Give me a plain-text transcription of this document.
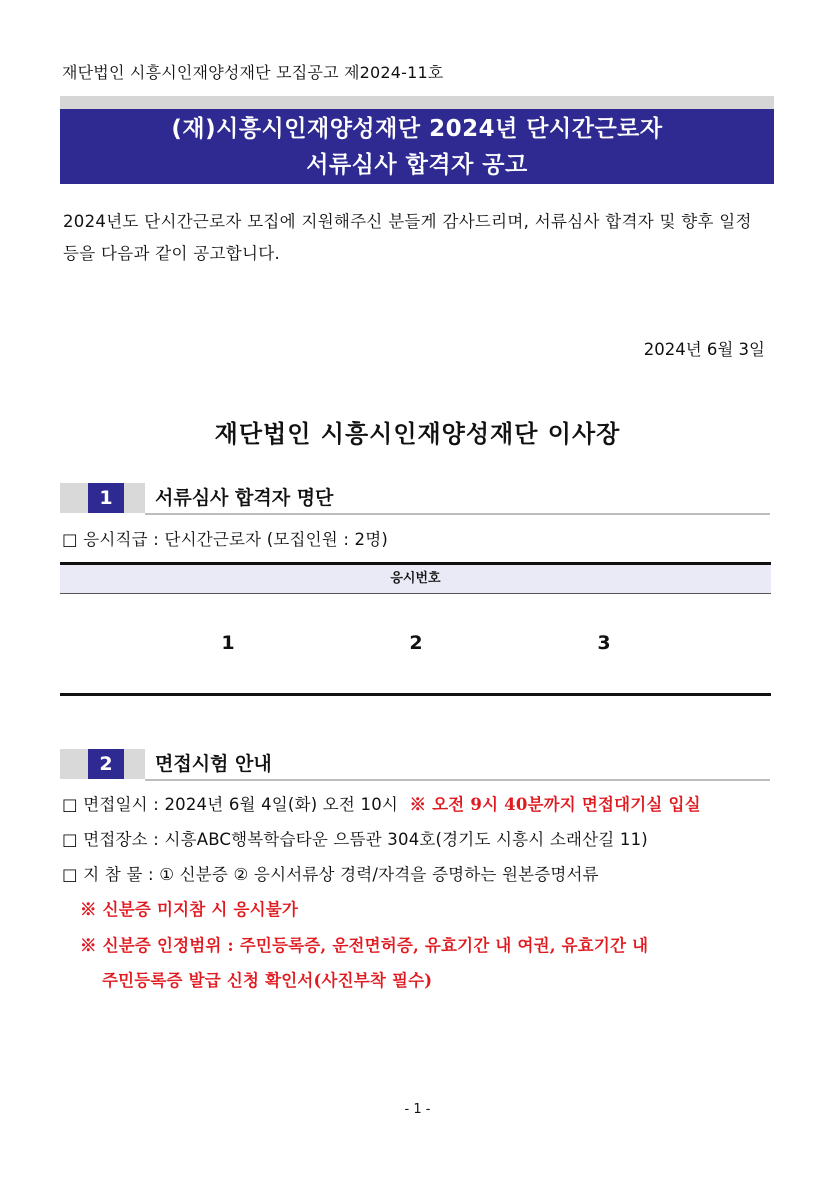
재단법인 시흥시인재양성재단 모집공고 제2024-11호
(재)시흥시인재양성재단 2024년 단시간근로자
서류심사 합격자 공고
2024년도 단시간근로자 모집에 지원해주신 분들게 감사드리며, 서류심사 합격자 및 향후 일정 등을 다음과 같이 공고합니다.
2024년 6월 3일
재단법인 시흥시인재양성재단 이사장
1	서류심사 합격자 명단
□ 응시직급 : 단시간근로자 (모집인원 : 2명)
응시번호
1	2	3
2	면접시험 안내
□ 면접일시 : 2024년 6월 4일(화) 오전 10시 ※ 오전 9시 40분까지 면접대기실 입실
□ 면접장소 : 시흥ABC행복학습타운 으뜸관 304호(경기도 시흥시 소래산길 11)
□ 지 참 물 : ① 신분증 ② 응시서류상 경력/자격을 증명하는 원본증명서류
※ 신분증 미지참 시 응시불가
※ 신분증 인정범위 : 주민등록증, 운전면허증, 유효기간 내 여권, 유효기간 내
주민등록증 발급 신청 확인서(사진부착 필수)
- 1 -
